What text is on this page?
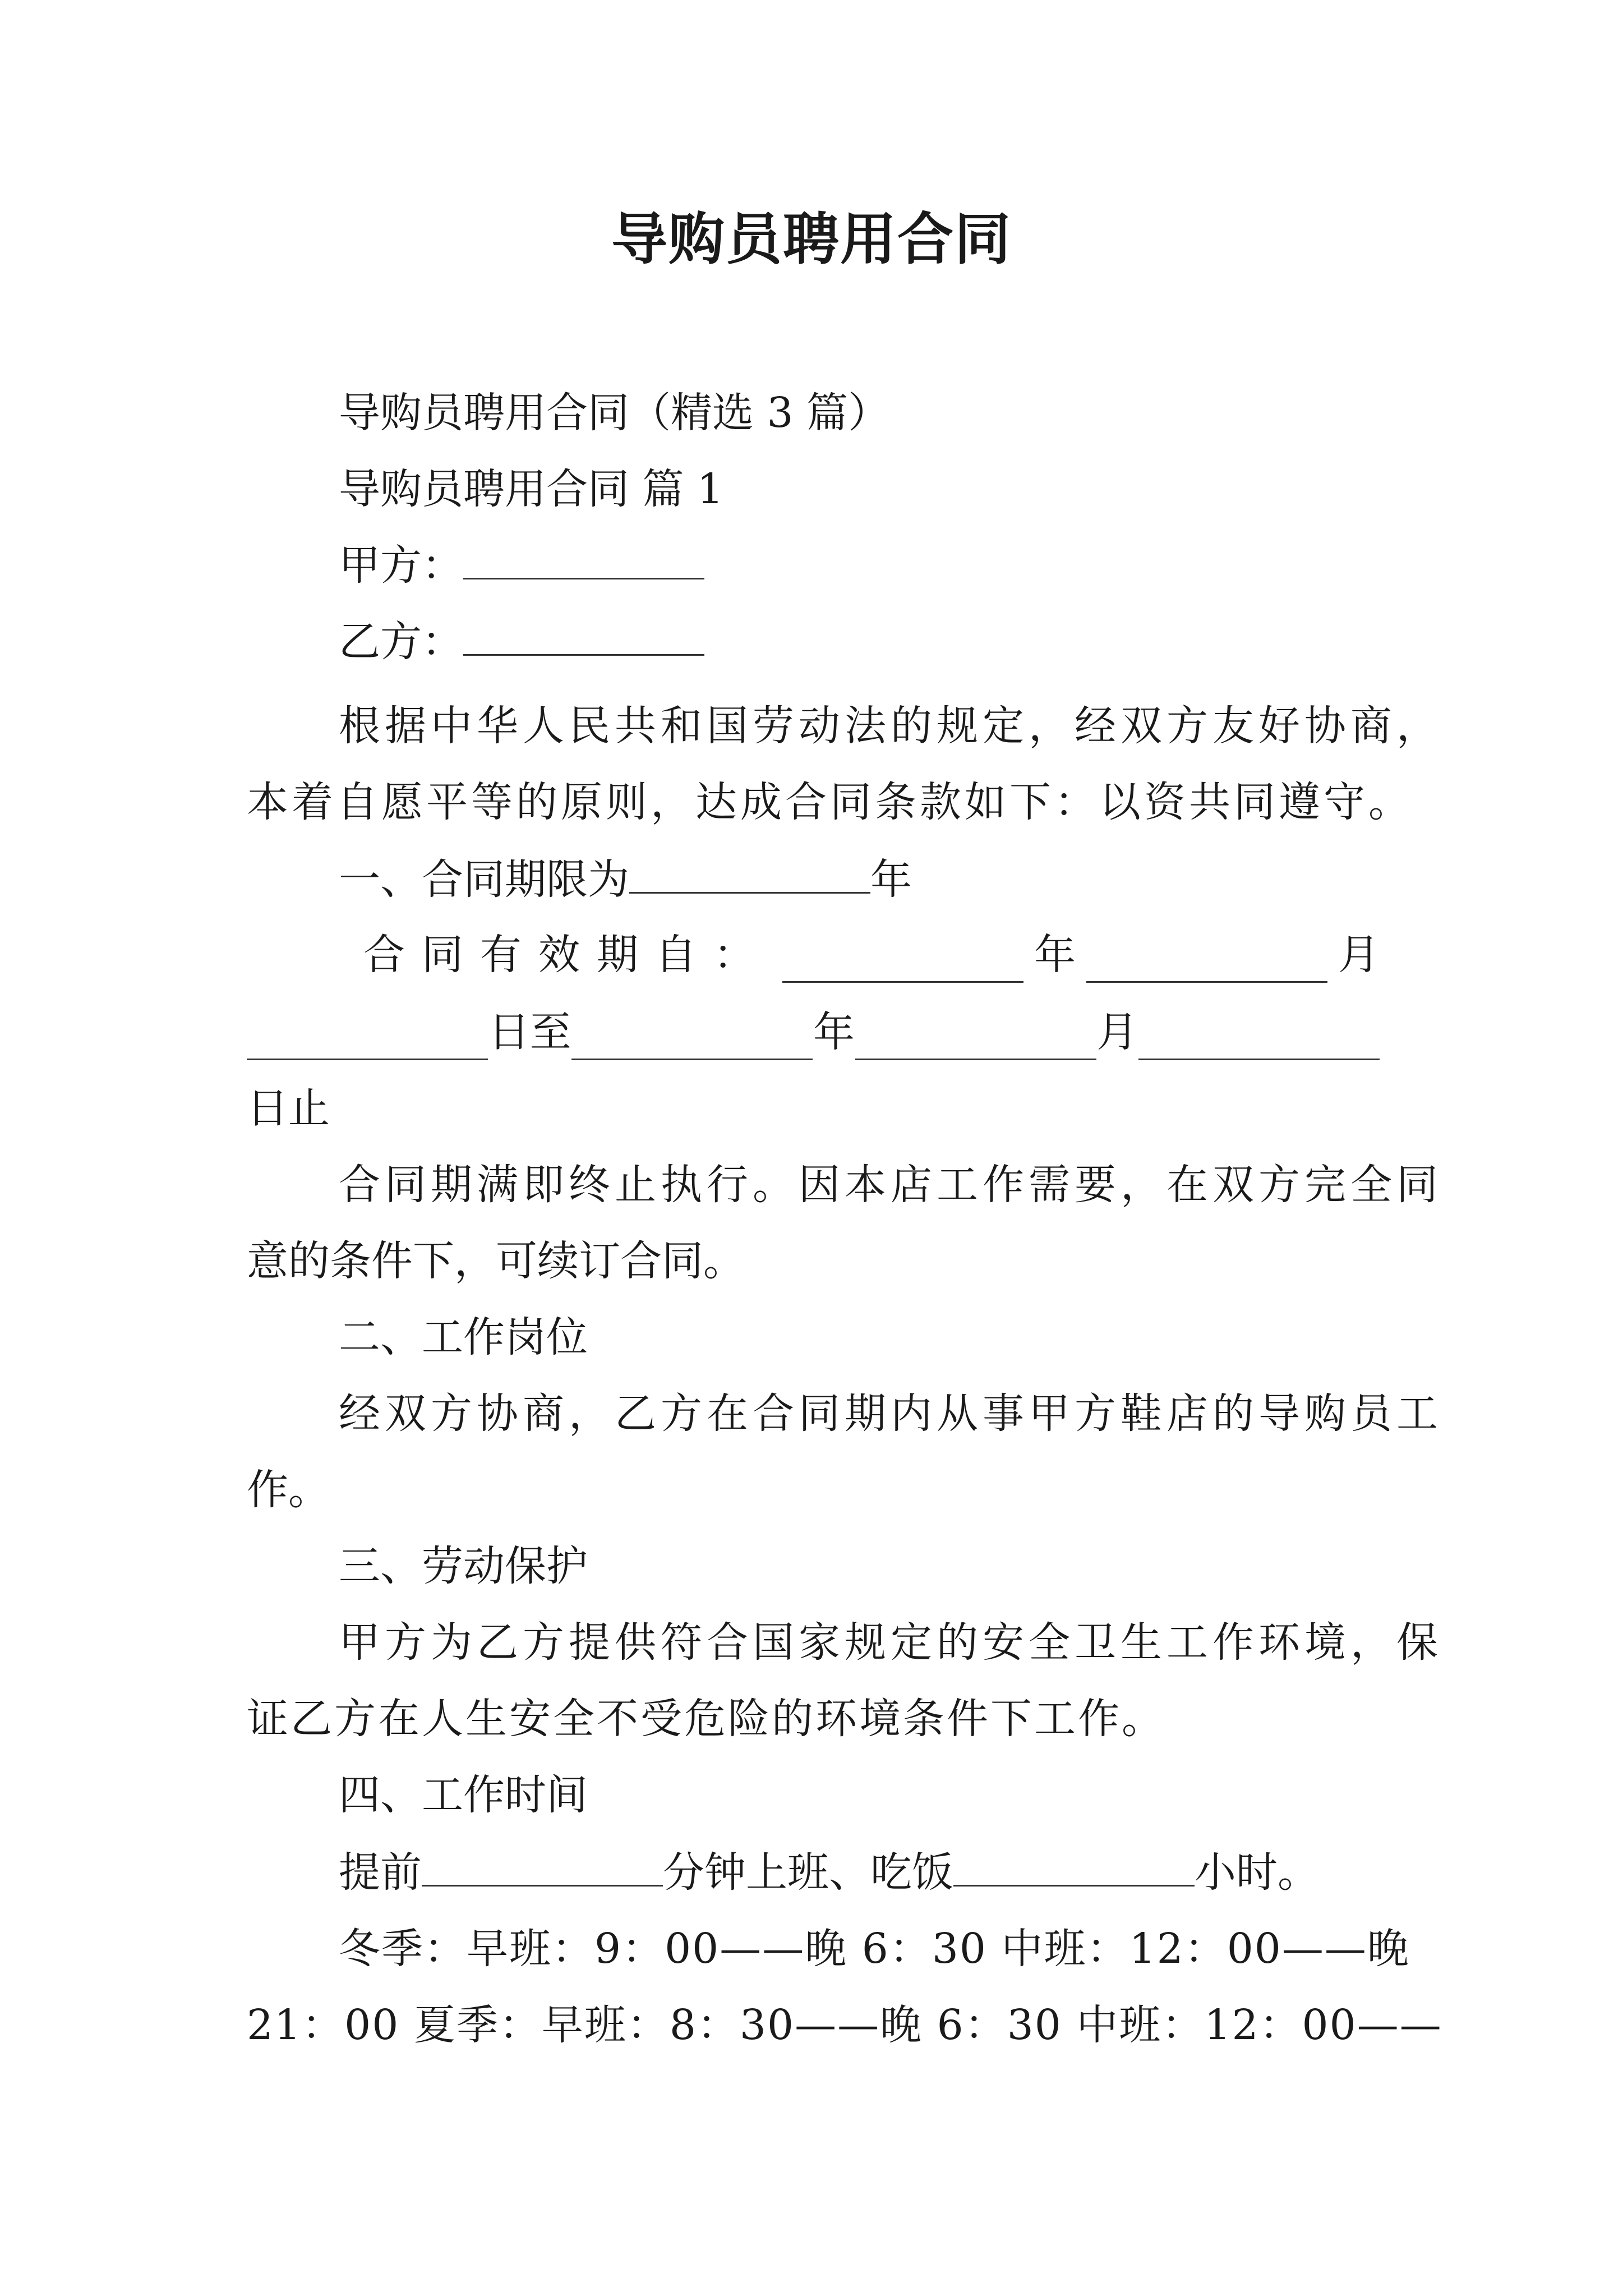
导购员聘用合同
导购员聘用合同（精选 3 篇）
导购员聘用合同 篇 1
甲方：
乙方：
根据中华人民共和国劳动法的规定，经双方友好协商，
本着自愿平等的原则，达成合同条款如下：以资共同遵守。
一、合同期限为	年
合同有效期自：	年	月
日至	年	月
日止
合同期满即终止执行。因本店工作需要，在双方完全同
意的条件下，可续订合同。
二、工作岗位
经双方协商，乙方在合同期内从事甲方鞋店的导购员工
作。
三、劳动保护
甲方为乙方提供符合国家规定的安全卫生工作环境，保
证乙方在人生安全不受危险的环境条件下工作。
四、工作时间
提前	分钟上班、吃饭	小时。
冬季：早班：9：00——晚 6：30 中班：12：00——晚
21：00 夏季：早班：8：30——晚 6：30 中班：12：00——
